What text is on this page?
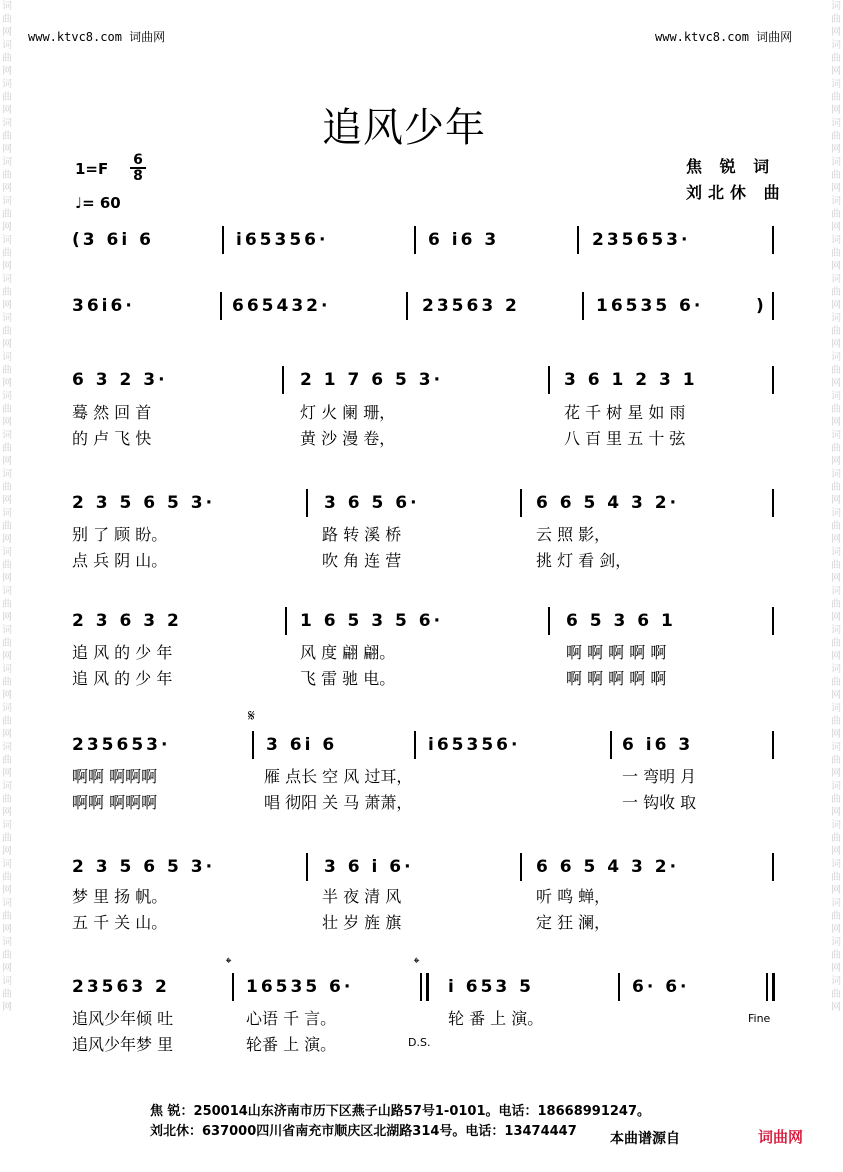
词曲网词曲网词曲网词曲网词曲网词曲网词曲网词曲网词曲网词曲网词曲网词曲网词曲网词曲网词曲网词曲网词曲网词曲网词曲网词曲网词曲网词曲网词曲网词曲网词曲网词曲网
词曲网词曲网词曲网词曲网词曲网词曲网词曲网词曲网词曲网词曲网词曲网词曲网词曲网词曲网词曲网词曲网词曲网词曲网词曲网词曲网词曲网词曲网词曲网词曲网词曲网词曲网
www.ktvc8.com 词曲网	www.ktvc8.com 词曲网
追风少年
$1=F \frac{6}{8}$
♩= 60
焦 锐 词
刘北休 曲
(3 6i 6	i65356·	6 i6 3	235653·
36i6·	665432·	23563 2	16535 6·	)
6 3 2 3·	2 1 7 6 5 3·	3 6 1 2 3 1
蓦 然 回 首	灯 火 阑 珊，	花 千 树 星 如 雨
的 卢 飞 快	黄 沙 漫 卷，	八 百 里 五 十 弦
2 3 5 6 5 3·	3 6 5 6·	6 6 5 4 3 2·
别 了 顾 盼。	路 转 溪 桥	云 照 影，
点 兵 阴 山。	吹 角 连 营	挑 灯 看 剑，
2 3 6 3 2	1 6 5 3 5 6·	6 5 3 6 1
追 风 的 少 年	风 度 翩 翩。	啊 啊 啊 啊 啊
追 风 的 少 年	飞 雷 驰 电。	啊 啊 啊 啊 啊
𝄋
235653·	3 6i 6	i65356·	6 i6 3
啊啊 啊啊啊	雁 点长 空 风 过耳，	一 弯明 月
啊啊 啊啊啊	唱 彻阳 关 马 萧萧，	一 钩收 取
2 3 5 6 5 3·	3 6 i 6·	6 6 5 4 3 2·
梦 里 扬 帆。	半 夜 清 风	听 鸣 蝉，
五 千 关 山。	壮 岁 旌 旗	定 狂 澜，
𝄌	𝄌
23563 2	16535 6·	i 653 5	6· 6·
追风少年倾 吐	心语 千 言。	轮 番 上 演。
追风少年梦 里	轮番 上 演。	D.S.
Fine
焦 锐：250014山东济南市历下区燕子山路57号1-0101。电话：18668991247。
刘北休：637000四川省南充市顺庆区北湖路314号。电话：13474447 本曲谱源自	词曲网
